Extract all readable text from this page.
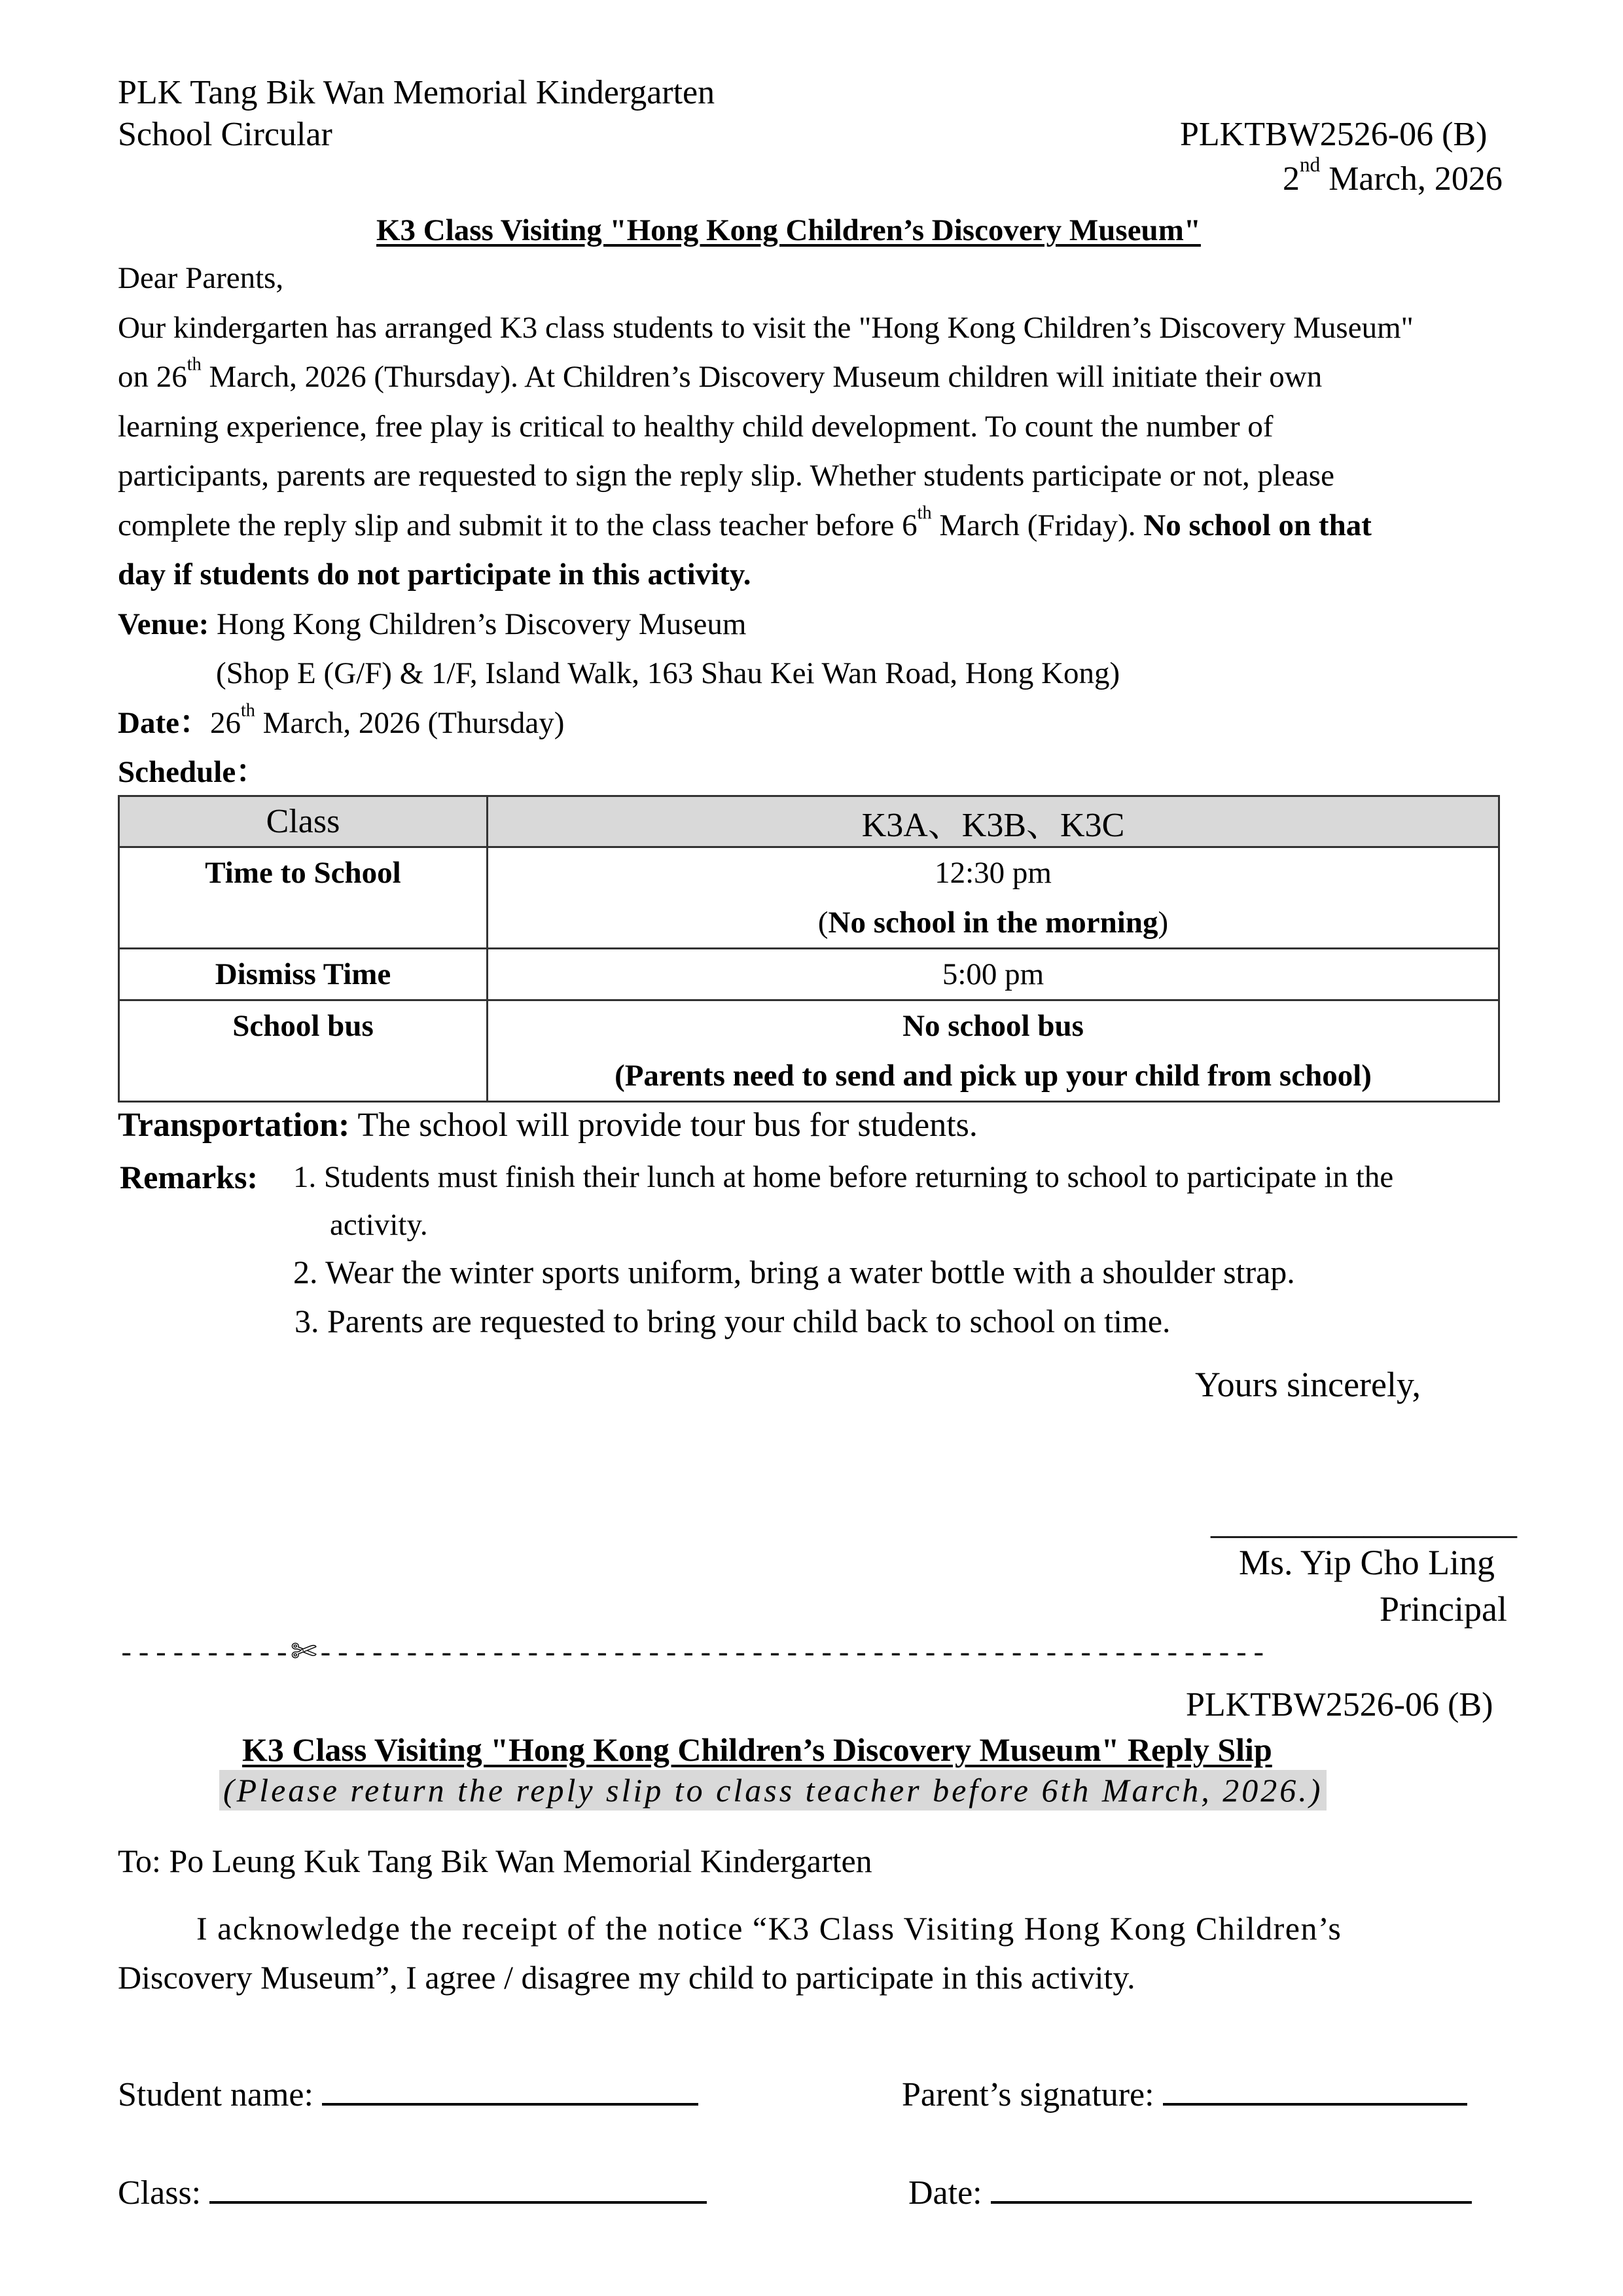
PLK Tang Bik Wan Memorial Kindergarten
School Circular	PLKTBW2526-06 (B)
2nd March, 2026
K3 Class Visiting "Hong Kong Children’s Discovery Museum"
Dear Parents,
Our kindergarten has arranged K3 class students to visit the "Hong Kong Children’s Discovery Museum"
on 26th March, 2026 (Thursday). At Children’s Discovery Museum children will initiate their own
learning experience, free play is critical to healthy child development. To count the number of
participants, parents are requested to sign the reply slip. Whether students participate or not, please
complete the reply slip and submit it to the class teacher before 6th March (Friday). No school on that
day if students do not participate in this activity.
Venue: Hong Kong Children’s Discovery Museum
(Shop E (G/F) & 1/F, Island Walk, 163 Shau Kei Wan Road, Hong Kong)
Date：26th March, 2026 (Thursday)
Schedule：
Class	K3A、K3B、K3C

Time to School	12:30 pm
(No school in the morning)

Dismiss Time	5:00 pm

School bus	No school bus
(Parents need to send and pick up your child from school)
Transportation: The school will provide tour bus for students.
Remarks: 1. Students must finish their lunch at home before returning to school to participate in the
activity.
2. Wear the winter sports uniform, bring a water bottle with a shoulder strap.
3. Parents are requested to bring your child back to school on time.
Yours sincerely,
__________________
Ms. Yip Cho Ling
Principal
----------✄-------------------------------------------------------
PLKTBW2526-06 (B)
K3 Class Visiting "Hong Kong Children’s Discovery Museum" Reply Slip
(Please return the reply slip to class teacher before 6th March, 2026.)
To: Po Leung Kuk Tang Bik Wan Memorial Kindergarten
I acknowledge the receipt of the notice “K3 Class Visiting Hong Kong Children’s
Discovery Museum”, I agree / disagree my child to participate in this activity.
Student name:	Parent’s signature:
Class:	Date:
